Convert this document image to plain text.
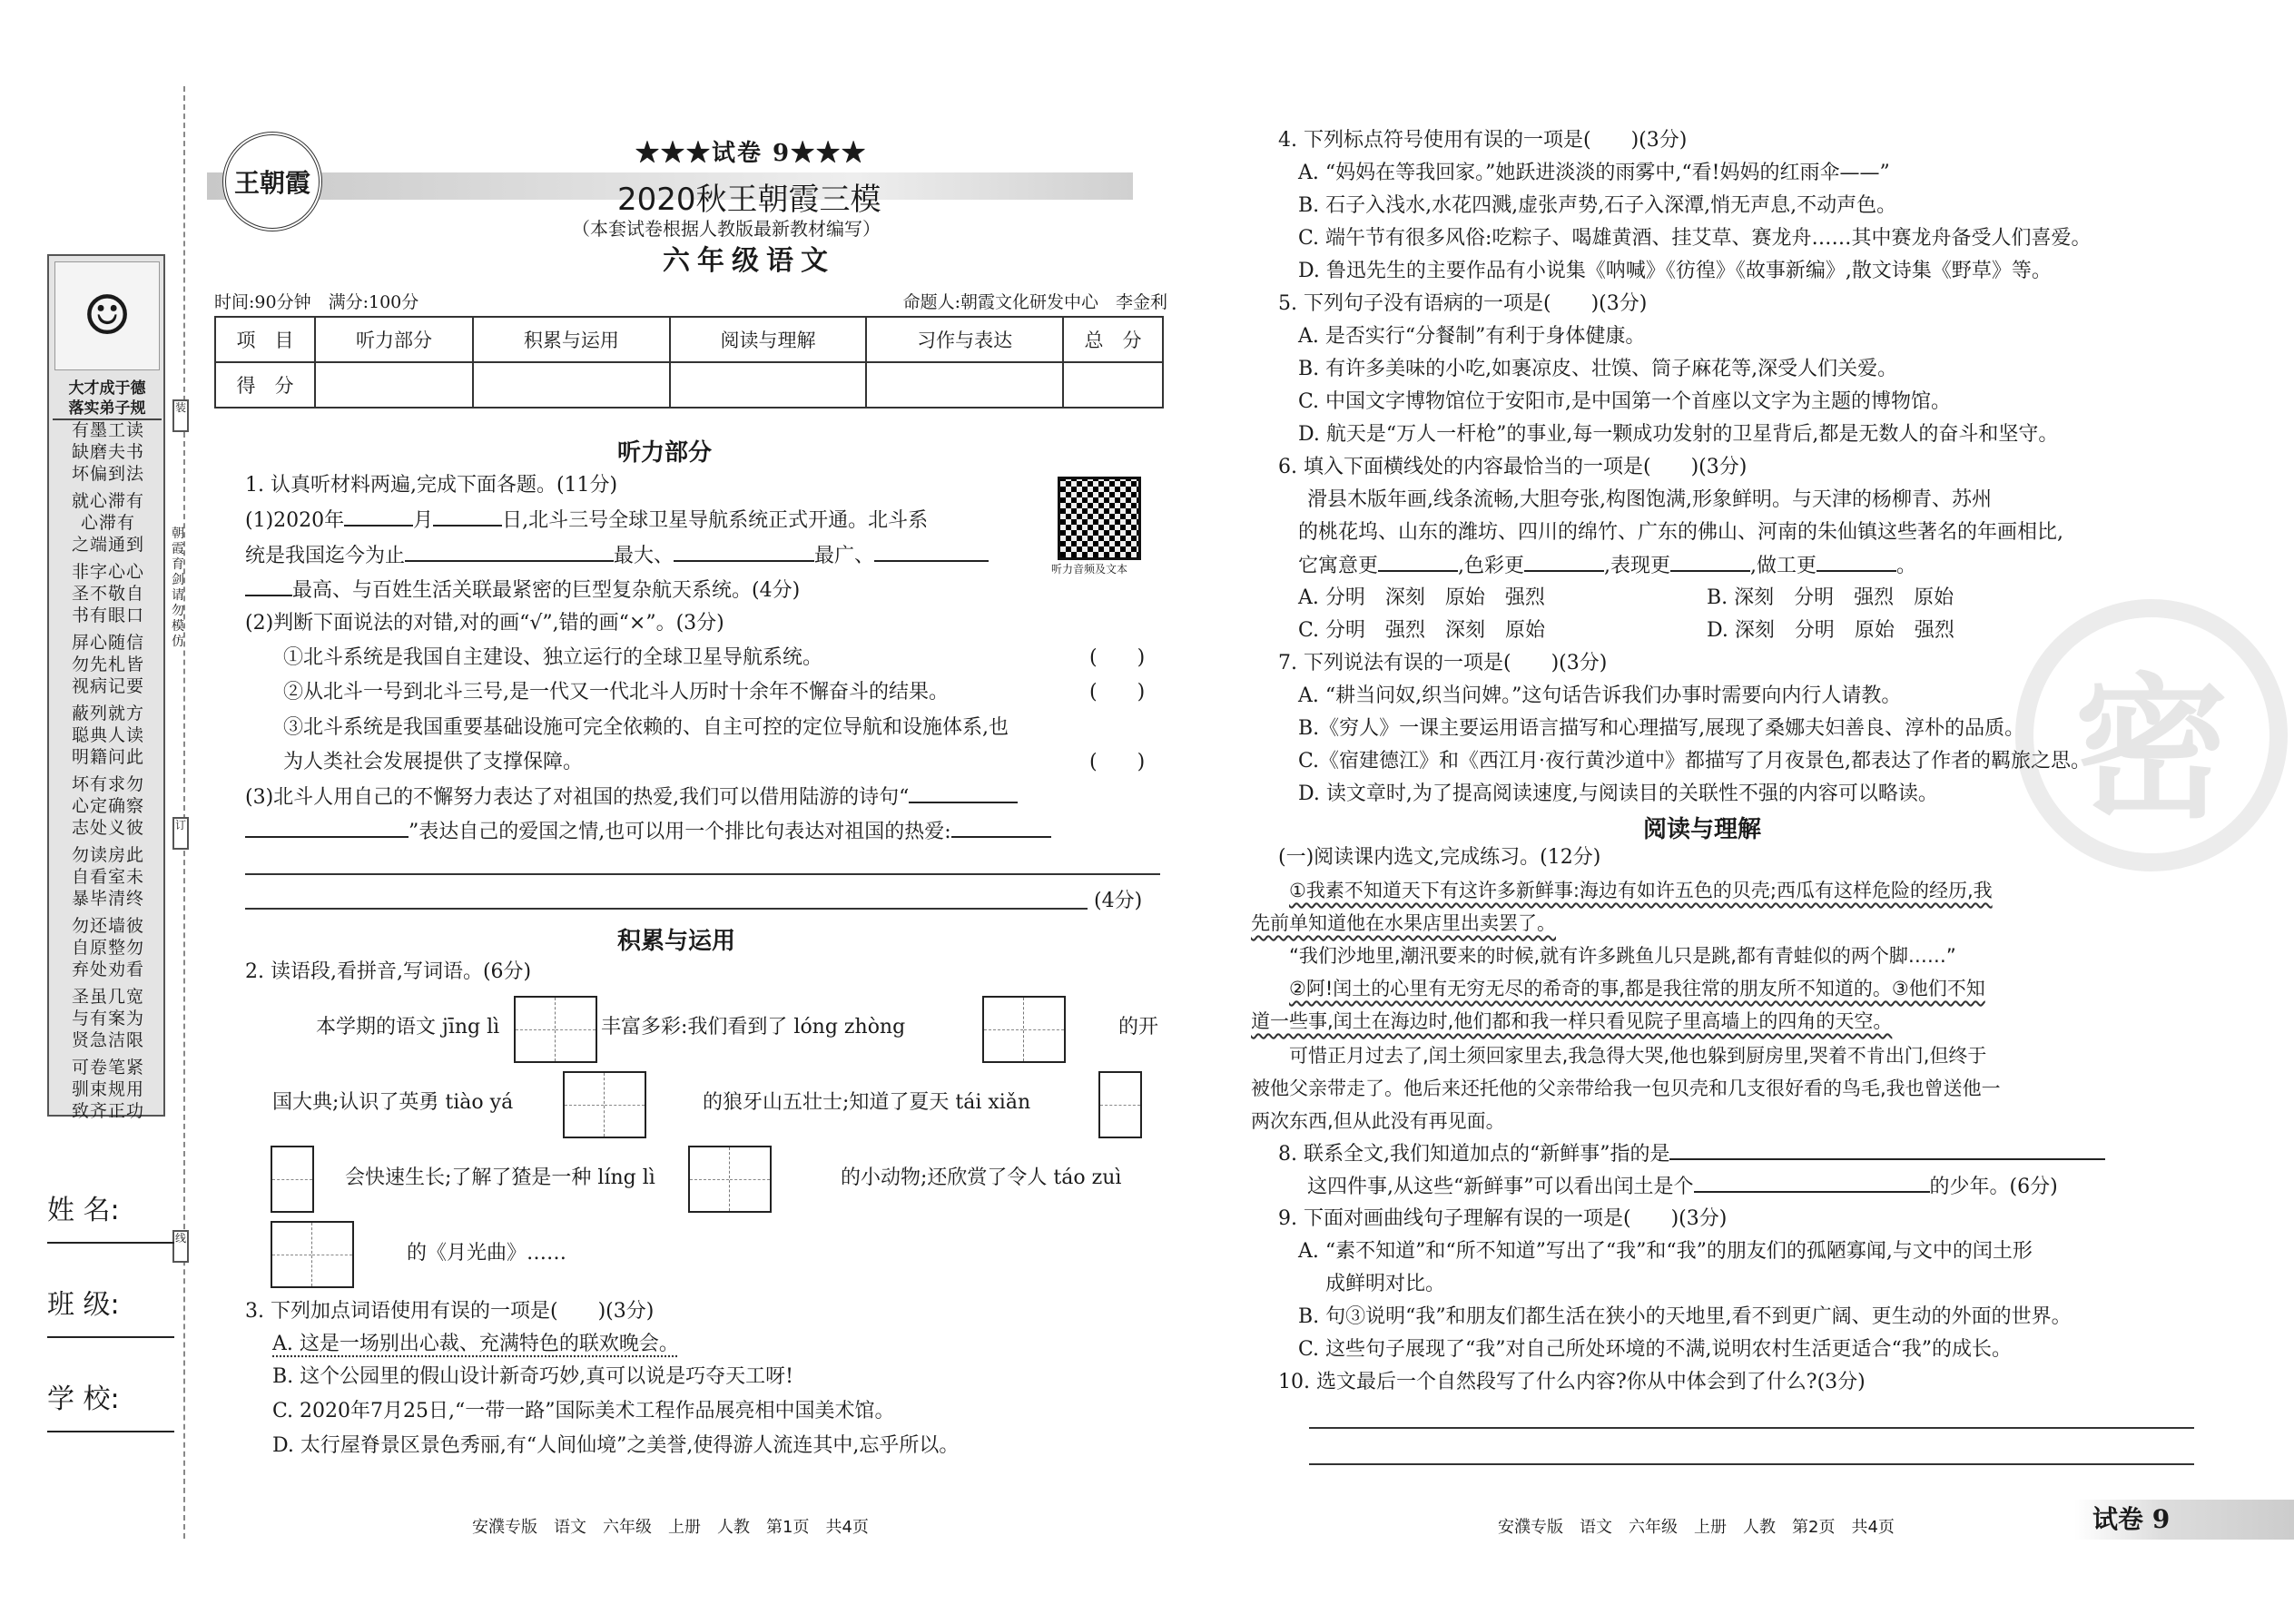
☺
大才成于德
落实弟子规
有墨工读
缺磨夫书
坏偏到法
就心滞有
心滞有
之端通到
非字心心
圣不敬自
书有眼口
屏心随信
勿先札皆
视病记要
蔽列就方
聪典人读
明籍问此
坏有求勿
心定确察
志处义彼
勿读房此
自看室未
暴毕清终
勿还墙彼
自原整勿
弃处劝看
圣虽几宽
与有案为
贤急洁限
可卷笔紧
驯束规用
致齐正功
装
朝霞育剑 请勿模仿
订
线
姓 名:
班 级:
学 校:
王朝霞
★★★试卷 9★★★
2020秋王朝霞三模
（本套试卷根据人教版最新教材编写）
六年级语文
时间:90分钟　满分:100分	命题人:朝霞文化研发中心　李金利
项　目	听力部分	积累与运用	阅读与理解	习作与表达	总　分
得　分					
听力部分
1. 认真听材料两遍,完成下面各题。(11分)
(1)2020年	月	日,北斗三号全球卫星导航系统正式开通。北斗系
统是我国迄今为止	最大、	最广、
最高、与百姓生活关联最紧密的巨型复杂航天系统。(4分)
听力音频及文本
(2)判断下面说法的对错,对的画“√”,错的画“×”。(3分)
①北斗系统是我国自主建设、独立运行的全球卫星导航系统。	(　　)
②从北斗一号到北斗三号,是一代又一代北斗人历时十余年不懈奋斗的结果。	(　　)
③北斗系统是我国重要基础设施可完全依赖的、自主可控的定位导航和设施体系,也
为人类社会发展提供了支撑保障。	(　　)
(3)北斗人用自己的不懈努力表达了对祖国的热爱,我们可以借用陆游的诗句“
”表达自己的爱国之情,也可以用一个排比句表达对祖国的热爱:
(4分)
积累与运用
2. 读语段,看拼音,写词语。(6分)
本学期的语文 jīng lì	丰富多彩:我们看到了 lóng zhòng	的开
国大典;认识了英勇 tiào yá	的狼牙山五壮士;知道了夏天 tái xiǎn
会快速生长;了解了猹是一种 líng lì	的小动物;还欣赏了令人 táo zuì
的《月光曲》……
3. 下列加点词语使用有误的一项是(　　)(3分)
A. 这是一场别出心裁、充满特色的联欢晚会。
B. 这个公园里的假山设计新奇巧妙,真可以说是巧夺天工呀!
C. 2020年7月25日,“一带一路”国际美术工程作品展亮相中国美术馆。
D. 太行屋脊景区景色秀丽,有“人间仙境”之美誉,使得游人流连其中,忘乎所以。
安濮专版　语文　六年级　上册　人教　第1页　共4页
密
4. 下列标点符号使用有误的一项是(　　)(3分)
A. “妈妈在等我回家。”她跃进淡淡的雨雾中,“看!妈妈的红雨伞——”
B. 石子入浅水,水花四溅,虚张声势,石子入深潭,悄无声息,不动声色。
C. 端午节有很多风俗:吃粽子、喝雄黄酒、挂艾草、赛龙舟……其中赛龙舟备受人们喜爱。
D. 鲁迅先生的主要作品有小说集《呐喊》《彷徨》《故事新编》,散文诗集《野草》等。
5. 下列句子没有语病的一项是(　　)(3分)
A. 是否实行“分餐制”有利于身体健康。
B. 有许多美味的小吃,如裹凉皮、壮馍、筒子麻花等,深受人们关爱。
C. 中国文字博物馆位于安阳市,是中国第一个首座以文字为主题的博物馆。
D. 航天是“万人一杆枪”的事业,每一颗成功发射的卫星背后,都是无数人的奋斗和坚守。
6. 填入下面横线处的内容最恰当的一项是(　　)(3分)
滑县木版年画,线条流畅,大胆夸张,构图饱满,形象鲜明。与天津的杨柳青、苏州
的桃花坞、山东的潍坊、四川的绵竹、广东的佛山、河南的朱仙镇这些著名的年画相比,
它寓意更	,色彩更	,表现更	,做工更	。
A. 分明　深刻　原始　强烈	B. 深刻　分明　强烈　原始
C. 分明　强烈　深刻　原始	D. 深刻　分明　原始　强烈
7. 下列说法有误的一项是(　　)(3分)
A. “耕当问奴,织当问婢。”这句话告诉我们办事时需要向内行人请教。
B.《穷人》一课主要运用语言描写和心理描写,展现了桑娜夫妇善良、淳朴的品质。
C.《宿建德江》和《西江月·夜行黄沙道中》都描写了月夜景色,都表达了作者的羁旅之思。
D. 读文章时,为了提高阅读速度,与阅读目的关联性不强的内容可以略读。
阅读与理解
(一)阅读课内选文,完成练习。(12分)
①我素不知道天下有这许多新鲜事:海边有如许五色的贝壳;西瓜有这样危险的经历,我
先前单知道他在水果店里出卖罢了。
“我们沙地里,潮汛要来的时候,就有许多跳鱼儿只是跳,都有青蛙似的两个脚……”
②阿!闰土的心里有无穷无尽的希奇的事,都是我往常的朋友所不知道的。③他们不知
道一些事,闰土在海边时,他们都和我一样只看见院子里高墙上的四角的天空。
可惜正月过去了,闰土须回家里去,我急得大哭,他也躲到厨房里,哭着不肯出门,但终于
被他父亲带走了。他后来还托他的父亲带给我一包贝壳和几支很好看的鸟毛,我也曾送他一
两次东西,但从此没有再见面。
8. 联系全文,我们知道加点的“新鲜事”指的是
这四件事,从这些“新鲜事”可以看出闰土是个	的少年。(6分)
9. 下面对画曲线句子理解有误的一项是(　　)(3分)
A. “素不知道”和“所不知道”写出了“我”和“我”的朋友们的孤陋寡闻,与文中的闰土形
成鲜明对比。
B. 句③说明“我”和朋友们都生活在狭小的天地里,看不到更广阔、更生动的外面的世界。
C. 这些句子展现了“我”对自己所处环境的不满,说明农村生活更适合“我”的成长。
10. 选文最后一个自然段写了什么内容?你从中体会到了什么?(3分)
安濮专版　语文　六年级　上册　人教　第2页　共4页	试卷 9
